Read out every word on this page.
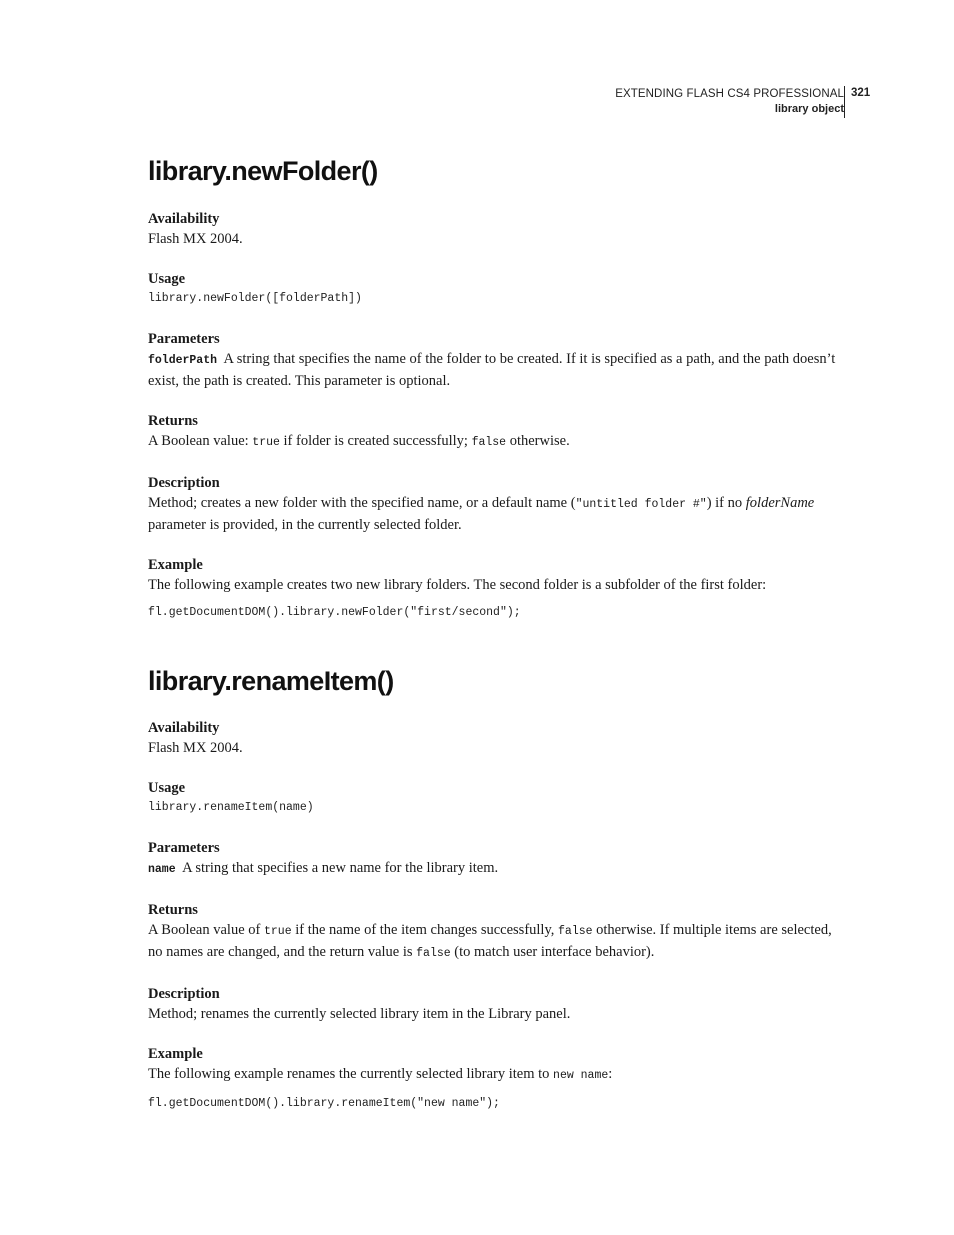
EXTENDING FLASH CS4 PROFESSIONAL
library object
321
library.newFolder()
Availability
Flash MX 2004.
Usage
library.newFolder([folderPath])
Parameters
folderPath A string that specifies the name of the folder to be created. If it is specified as a path, and the path doesn’t exist, the path is created. This parameter is optional.
Returns
A Boolean value: true if folder is created successfully; false otherwise.
Description
Method; creates a new folder with the specified name, or a default name ("untitled folder #") if no folderName parameter is provided, in the currently selected folder.
Example
The following example creates two new library folders. The second folder is a subfolder of the first folder:
fl.getDocumentDOM().library.newFolder("first/second");
library.renameItem()
Availability
Flash MX 2004.
Usage
library.renameItem(name)
Parameters
name A string that specifies a new name for the library item.
Returns
A Boolean value of true if the name of the item changes successfully, false otherwise. If multiple items are selected, no names are changed, and the return value is false (to match user interface behavior).
Description
Method; renames the currently selected library item in the Library panel.
Example
The following example renames the currently selected library item to new name:
fl.getDocumentDOM().library.renameItem("new name");
